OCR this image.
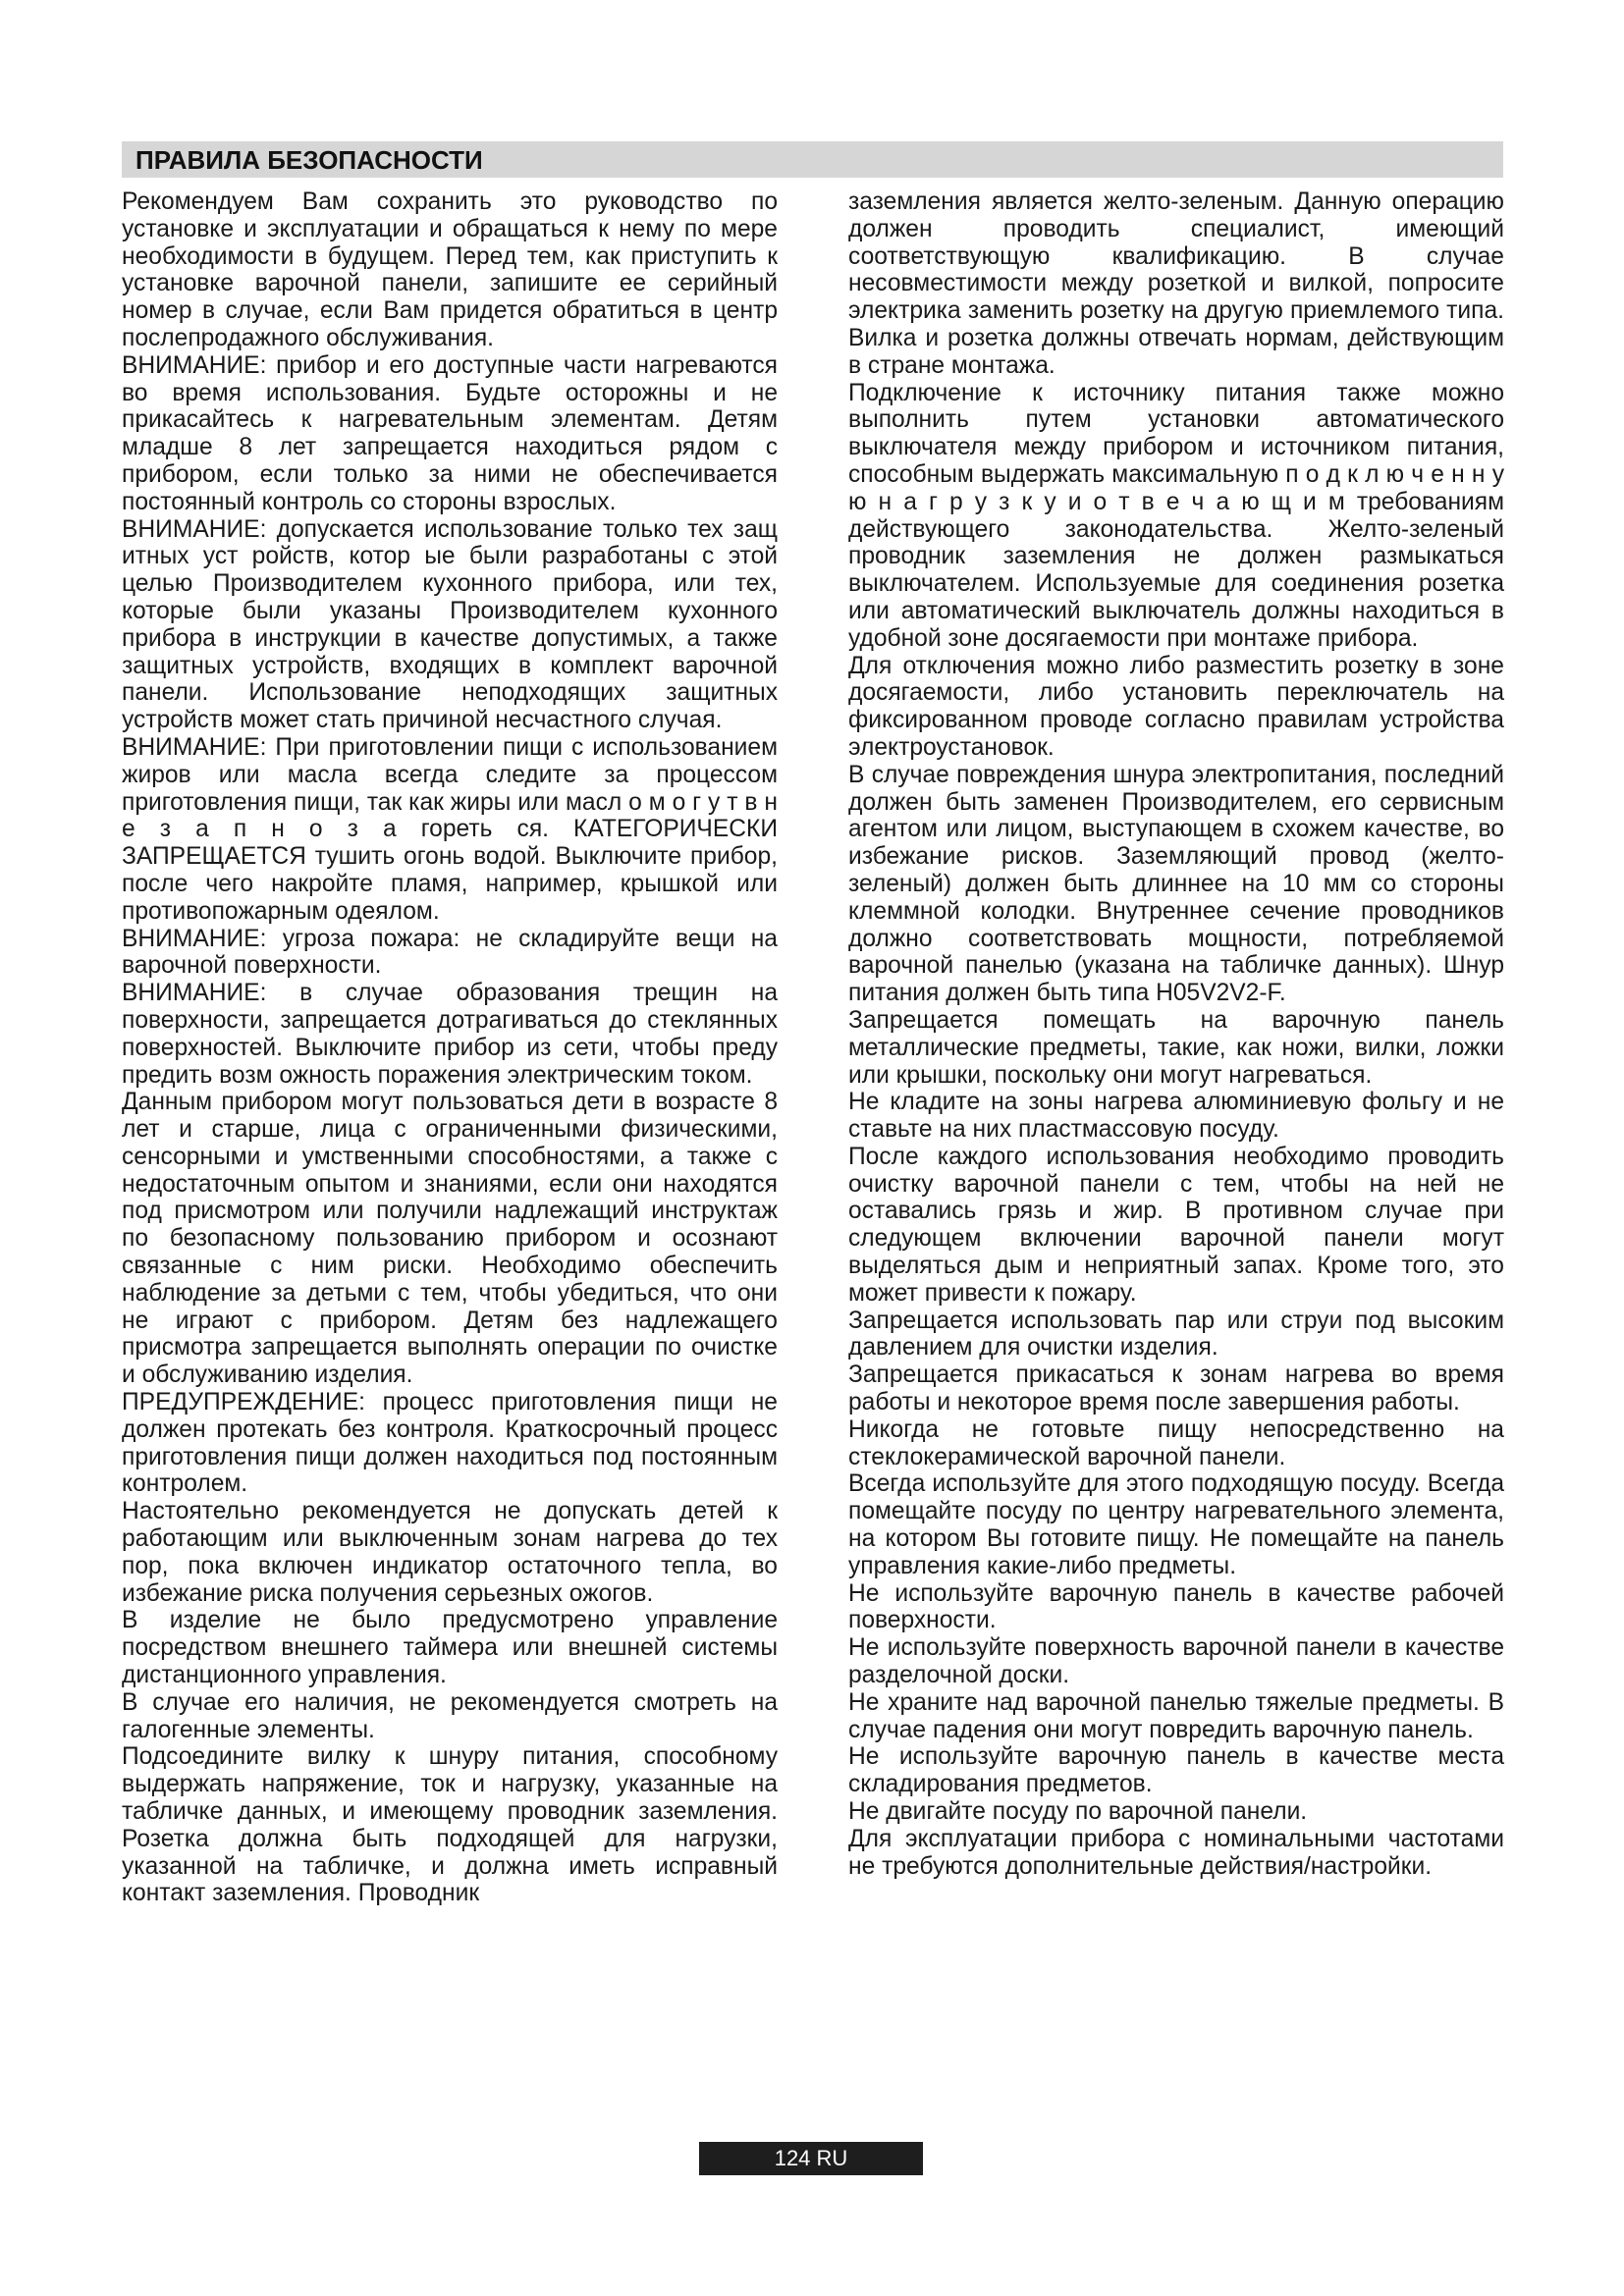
ПРАВИЛА БЕЗОПАСНОСТИ

Рекомендуем Вам сохранить это руководство по установке и эксплуатации и обращаться к нему по мере необходимости в будущем. Перед тем, как приступить к установке варочной панели, запишите ее серийный номер в случае, если Вам придется обратиться в центр послепродажного обслуживания.

ВНИМАНИЕ: прибор и его доступные части нагреваются во время использования. Будьте осторожны и не прикасайтесь к нагревательным элементам. Детям младше 8 лет запрещается находиться рядом с прибором, если только за ними не обеспечивается постоянный контроль со стороны взрослых.

ВНИМАНИЕ: допускается использование только тех защ итных уст ройств, котор ые были разработаны с этой целью Производителем кухонного прибора, или тех, которые были указаны Производителем кухонного прибора в инструкции в качестве допустимых, а также защитных устройств, входящих в комплект варочной панели. Использование неподходящих защитных устройств может стать причиной несчастного случая.

ВНИМАНИЕ: При приготовлении пищи с использованием жиров или масла всегда следите за процессом приготовления пищи, так как жиры или масл о м о г у т в н е з а п н о з а гореть ся. КАТЕГОРИЧЕСКИ ЗАПРЕЩАЕТСЯ тушить огонь водой. Выключите прибор, после чего накройте пламя, например, крышкой или противопожарным одеялом.

ВНИМАНИЕ: угроза пожара: не складируйте вещи на варочной поверхности.

ВНИМАНИЕ: в случае образования трещин на поверхности, запрещается дотрагиваться до стеклянных поверхностей. Выключите прибор из сети, чтобы преду предить возм ожность поражения электрическим током.

Данным прибором могут пользоваться дети в возрасте 8 лет и старше, лица с ограниченными физическими, сенсорными и умственными способностями, а также с недостаточным опытом и знаниями, если они находятся под присмотром или получили надлежащий инструктаж по безопасному пользованию прибором и осознают связанные с ним риски. Необходимо обеспечить наблюдение за детьми с тем, чтобы убедиться, что они не играют с прибором. Детям без надлежащего присмотра запрещается выполнять операции по очистке и обслуживанию изделия.

ПРЕДУПРЕЖДЕНИЕ: процесс приготовления пищи не должен протекать без контроля. Краткосрочный процесс приготовления пищи должен находиться под постоянным контролем.

Настоятельно рекомендуется не допускать детей к работающим или выключенным зонам нагрева до тех пор, пока включен индикатор остаточного тепла, во избежание риска получения серьезных ожогов.

В изделие не было предусмотрено управление посредством внешнего таймера или внешней системы дистанционного управления.

В случае его наличия, не рекомендуется смотреть на галогенные элементы.

Подсоедините вилку к шнуру питания, способному выдержать напряжение, ток и нагрузку, указанные на табличке данных, и имеющему проводник заземления. Розетка должна быть подходящей для нагрузки, указанной на табличке, и должна иметь исправный контакт заземления. Проводник

заземления является желто-зеленым. Данную операцию должен проводить специалист, имеющий соответствующую квалификацию. В случае несовместимости между розеткой и вилкой, попросите электрика заменить розетку на другую приемлемого типа. Вилка и розетка должны отвечать нормам, действующим в стране монтажа.

Подключение к источнику питания также можно выполнить путем установки автоматического выключателя между прибором и источником питания, способным выдержать максимальную п о д к л ю ч е н н у ю н а г р у з к у и о т в е ч а ю щ и м требованиям действующего законодательства. Желто-зеленый проводник заземления не должен размыкаться выключателем. Используемые для соединения розетка или автоматический выключатель должны находиться в удобной зоне досягаемости при монтаже прибора.

Для отключения можно либо разместить розетку в зоне досягаемости, либо установить переключатель на фиксированном проводе согласно правилам устройства электроустановок.

В случае повреждения шнура электропитания, последний должен быть заменен Производителем, его сервисным агентом или лицом, выступающем в схожем качестве, во избежание рисков. Заземляющий провод (желто-зеленый) должен быть длиннее на 10 мм со стороны клеммной колодки. Внутреннее сечение проводников должно соответствовать мощности, потребляемой варочной панелью (указана на табличке данных). Шнур питания должен быть типа H05V2V2-F.

Запрещается помещать на варочную панель металлические предметы, такие, как ножи, вилки, ложки или крышки, поскольку они могут нагреваться.

Не кладите на зоны нагрева алюминиевую фольгу и не ставьте на них пластмассовую посуду.

После каждого использования необходимо проводить очистку варочной панели с тем, чтобы на ней не оставались грязь и жир. В противном случае при следующем включении варочной панели могут выделяться дым и неприятный запах. Кроме того, это может привести к пожару.

Запрещается использовать пар или струи под высоким давлением для очистки изделия.

Запрещается прикасаться к зонам нагрева во время работы и некоторое время после завершения работы.

Никогда не готовьте пищу непосредственно на стеклокерамической варочной панели.

Всегда используйте для этого подходящую посуду. Всегда помещайте посуду по центру нагревательного элемента, на котором Вы готовите пищу. Не помещайте на панель управления какие-либо предметы.

Не используйте варочную панель в качестве рабочей поверхности.

Не используйте поверхность варочной панели в качестве разделочной доски.

Не храните над варочной панелью тяжелые предметы. В случае падения они могут повредить варочную панель.

Не используйте варочную панель в качестве места складирования предметов.

Не двигайте посуду по варочной панели.

Для эксплуатации прибора с номинальными частотами не требуются дополнительные действия/настройки.

124 RU
